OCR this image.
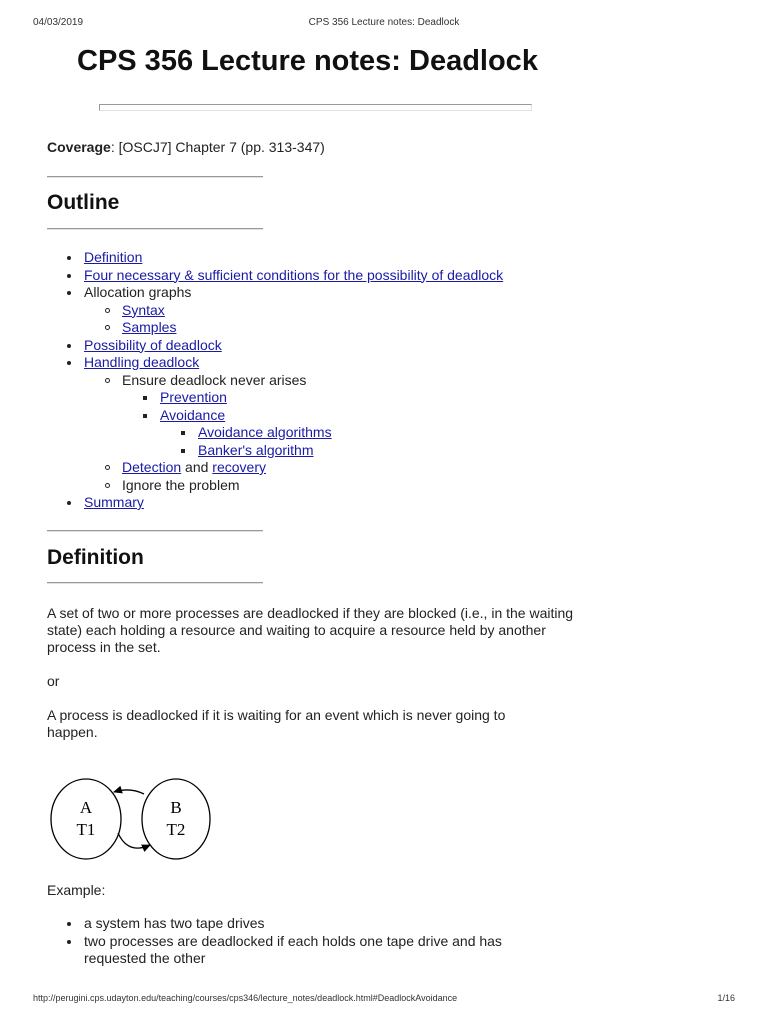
04/03/2019	CPS 356 Lecture notes: Deadlock
CPS 356 Lecture notes: Deadlock
Coverage: [OSCJ7] Chapter 7 (pp. 313-347)
Outline
Definition
Four necessary & sufficient conditions for the possibility of deadlock
Allocation graphs
Syntax
Samples
Possibility of deadlock
Handling deadlock
Ensure deadlock never arises
Prevention
Avoidance
Avoidance algorithms
Banker's algorithm
Detection and recovery
Ignore the problem
Summary
Definition
A set of two or more processes are deadlocked if they are blocked (i.e., in the waiting state) each holding a resource and waiting to acquire a resource held by another process in the set.
or
A process is deadlocked if it is waiting for an event which is never going to happen.
A
T1
B
T2
Example:
a system has two tape drives
two processes are deadlocked if each holds one tape drive and has requested the other
http://perugini.cps.udayton.edu/teaching/courses/cps346/lecture_notes/deadlock.html#DeadlockAvoidance	1/16
